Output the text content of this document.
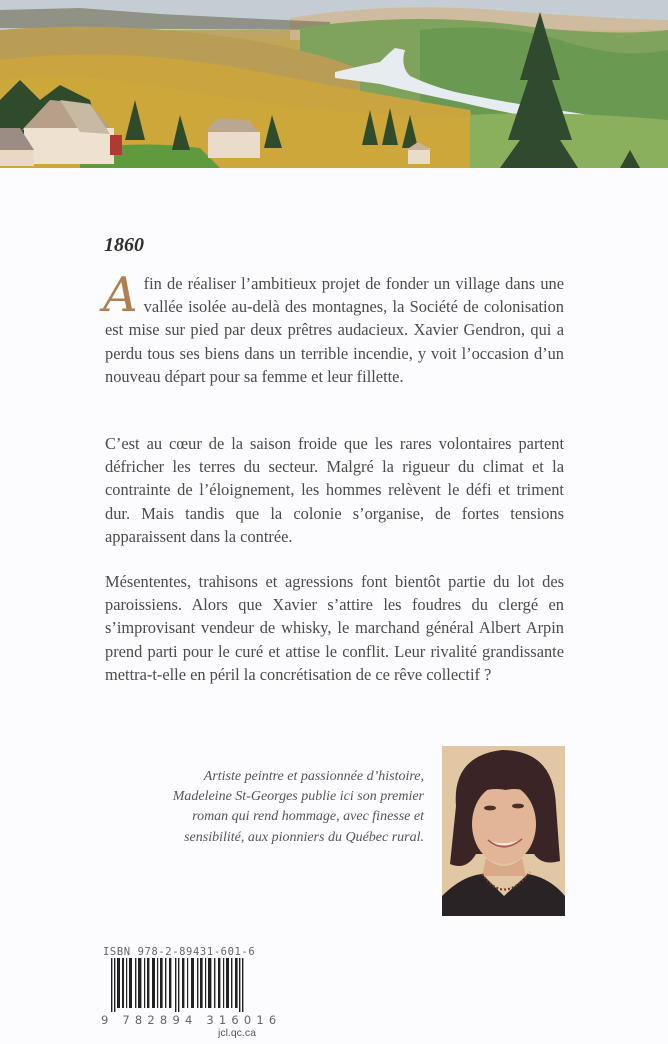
1860
Afin de réaliser l’ambitieux projet de fonder un village dans une vallée isolée au-delà des montagnes, la Société de colonisation est mise sur pied par deux prêtres audacieux. Xavier Gendron, qui a perdu tous ses biens dans un terrible incendie, y voit l’occasion d’un nouveau départ pour sa femme et leur fillette.
C’est au cœur de la saison froide que les rares volontaires partent défricher les terres du secteur. Malgré la rigueur du climat et la contrainte de l’éloignement, les hommes relèvent le défi et triment dur. Mais tandis que la colonie s’organise, de fortes tensions apparaissent dans la contrée.
Mésententes, trahisons et agressions font bientôt partie du lot des paroissiens. Alors que Xavier s’attire les foudres du clergé en s’improvisant vendeur de whisky, le marchand général Albert Arpin prend parti pour le curé et attise le conflit. Leur rivalité grandissante mettra-t-elle en péril la concrétisation de ce rêve collectif ?
Artiste peintre et passionnée d’histoire, Madeleine St-Georges publie ici son premier roman qui rend hommage, avec finesse et sensibilité, aux pionniers du Québec rural.
ISBN 978-2-89431-601-6
9 782894 316016
jcl.qc.ca
